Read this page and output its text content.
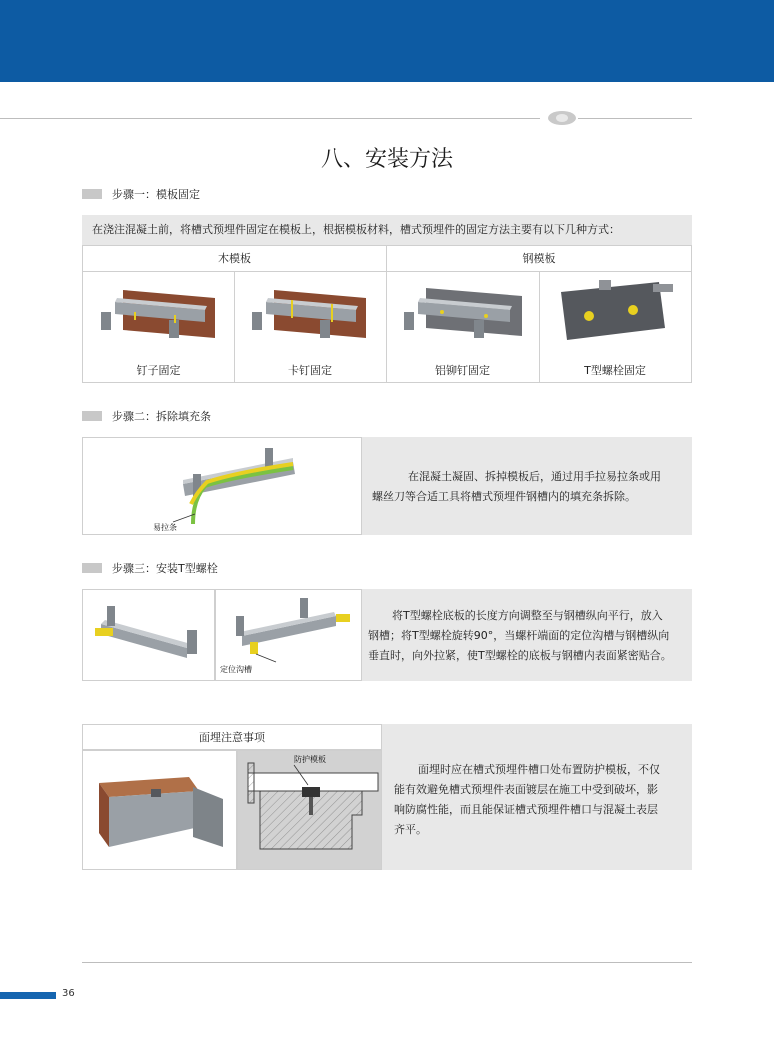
八、安装方法
步骤一：模板固定
在浇注混凝土前，将槽式预埋件固定在模板上，根据模板材料，槽式预埋件的固定方法主要有以下几种方式：
木模板	钢模板
钉子固定	卡钉固定	铝铆钉固定	T型螺栓固定
步骤二：拆除填充条
易拉条
在混凝土凝固、拆掉模板后，通过用手拉易拉条或用
螺丝刀等合适工具将槽式预埋件钢槽内的填充条拆除。
步骤三：安装T型螺栓
定位沟槽
将T型螺栓底板的长度方向调整至与钢槽纵向平行，放入
钢槽；将T型螺栓旋转90°，当螺杆端面的定位沟槽与钢槽纵向
垂直时，向外拉紧，使T型螺栓的底板与钢槽内表面紧密贴合。
面埋注意事项
防护模板
面埋时应在槽式预埋件槽口处布置防护模板，不仅
能有效避免槽式预埋件表面镀层在施工中受到破坏，影
响防腐性能，而且能保证槽式预埋件槽口与混凝土表层
齐平。
36
